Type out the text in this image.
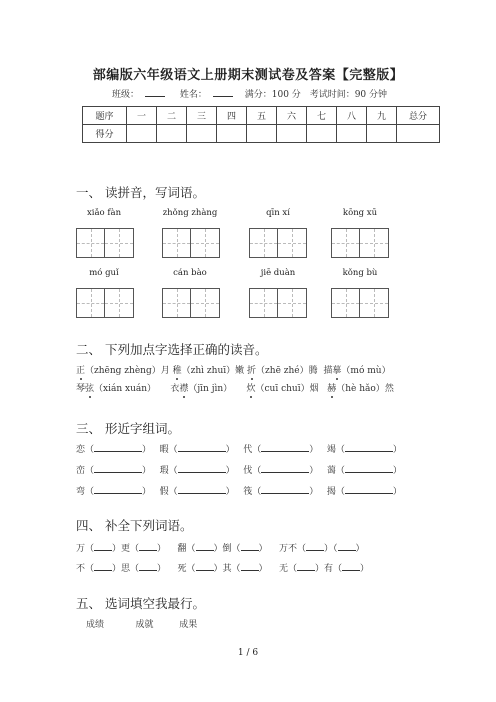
部编版六年级语文上册期末测试卷及答案【完整版】
班级：	姓名：	满分：100 分 考试时间：90 分钟
题序	一	二	三	四	五	六	七	八	九	总分
得分										
一、 读拼音，写词语。
xiǎo fàn	zhǒng zhàng	qīn xí	kōng xū
mó guǐ	cán bào	jiē duàn	kǒng bù
二、 下列加点字选择正确的读音。
正（zhēng zhèng）月 稚（zhì zhuī）嫩 折（zhē zhé）腾 描摹（mó mù）
琴弦（xián xuán） 衣襟（jīn jìn） 炊（cuī chuī）烟 赫（hè hǎo）然
三、 形近字组词。
恋（	）   暇（	）   代（	）   竭（	）
峦（	）   瑕（	）   伐（	）   蔼（	）
弯（	）   假（	）   筏（	）   揭（	）
四、 补全下列词语。
万（ ）更（ ） 翻（ ）倒（ ） 万不（ ）（ ）
不（ ）思（ ） 死（ ）其（ ） 无（ ）有（ ）
五、 选词填空我最行。
成绩	成就	成果
1 / 6
